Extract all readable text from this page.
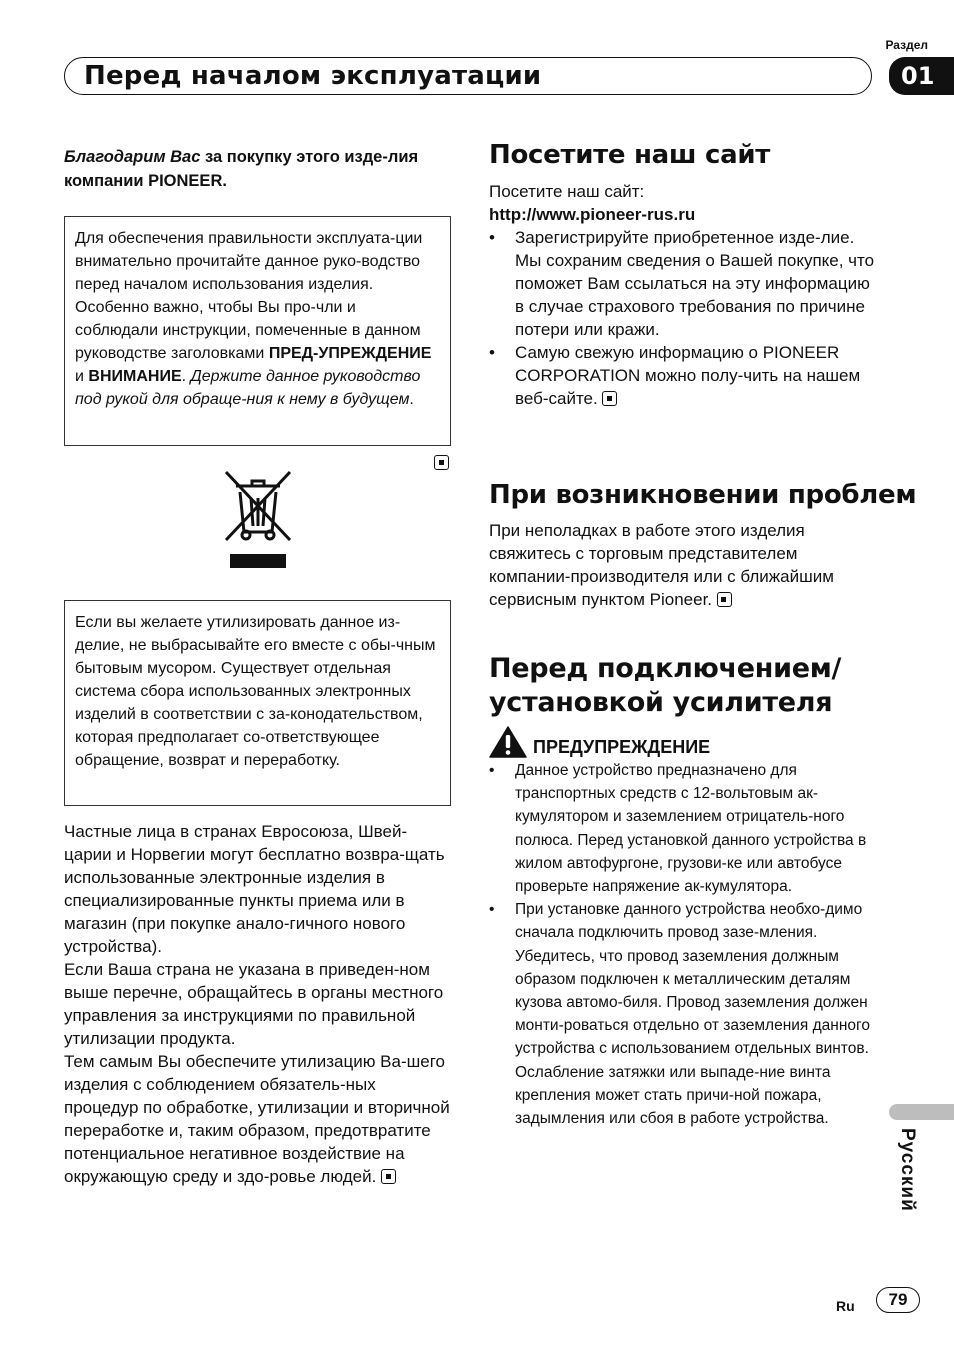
Раздел
Перед началом эксплуатации	01
Благодарим Вас за покупку этого изде-лия компании PIONEER.
Для обеспечения правильности эксплуата-ции внимательно прочитайте данное руко-водство перед началом использования изделия. Особенно важно, чтобы Вы про-чли и соблюдали инструкции, помеченные в данном руководстве заголовками ПРЕД-УПРЕЖДЕНИЕ и ВНИМАНИЕ. Держите данное руководство под рукой для обраще-ния к нему в будущем.
Если вы желаете утилизировать данное из-делие, не выбрасывайте его вместе с обы-чным бытовым мусором. Существует отдельная система сбора использованных электронных изделий в соответствии с за-конодательством, которая предполагает со-ответствующее обращение, возврат и переработку.

Частные лица в странах Евросоюза, Швей-царии и Норвегии могут бесплатно возвра-щать использованные электронные изделия в специализированные пункты приема или в магазин (при покупке анало-гичного нового устройства).

Если Ваша страна не указана в приведен-ном выше перечне, обращайтесь в органы местного управления за инструкциями по правильной утилизации продукта.

Тем самым Вы обеспечите утилизацию Ва-шего изделия с соблюдением обязатель-ных процедур по обработке, утилизации и вторичной переработке и, таким образом, предотвратите потенциальное негативное воздействие на окружающую среду и здо-ровье людей.

Посетите наш сайт
Посетите наш сайт:
http://www.pioneer-rus.ru
• Зарегистрируйте приобретенное изде-лие. Мы сохраним сведения о Вашей покупке, что поможет Вам ссылаться на эту информацию в случае страхового требования по причине потери или кражи.
• Самую свежую информацию о PIONEER CORPORATION можно полу-чить на нашем веб-сайте.
При возникновении проблем
При неполадках в работе этого изделия свяжитесь с торговым представителем компании-производителя или с ближайшим сервисным пунктом Pioneer.
Перед подключением/
установкой усилителя
ПРЕДУПРЕЖДЕНИЕ
• Данное устройство предназначено для транспортных средств с 12-вольтовым ак-кумулятором и заземлением отрицатель-ного полюса. Перед установкой данного устройства в жилом автофургоне, грузови-ке или автобусе проверьте напряжение ак-кумулятора.
• При установке данного устройства необхо-димо сначала подключить провод зазе-мления. Убедитесь, что провод заземления должным образом подключен к металлическим деталям кузова автомо-биля. Провод заземления должен монти-роваться отдельно от заземления данного устройства с использованием отдельных винтов. Ослабление затяжки или выпаде-ние винта крепления может стать причи-ной пожара, задымления или сбоя в работе устройства.
Русский
Ru	79
